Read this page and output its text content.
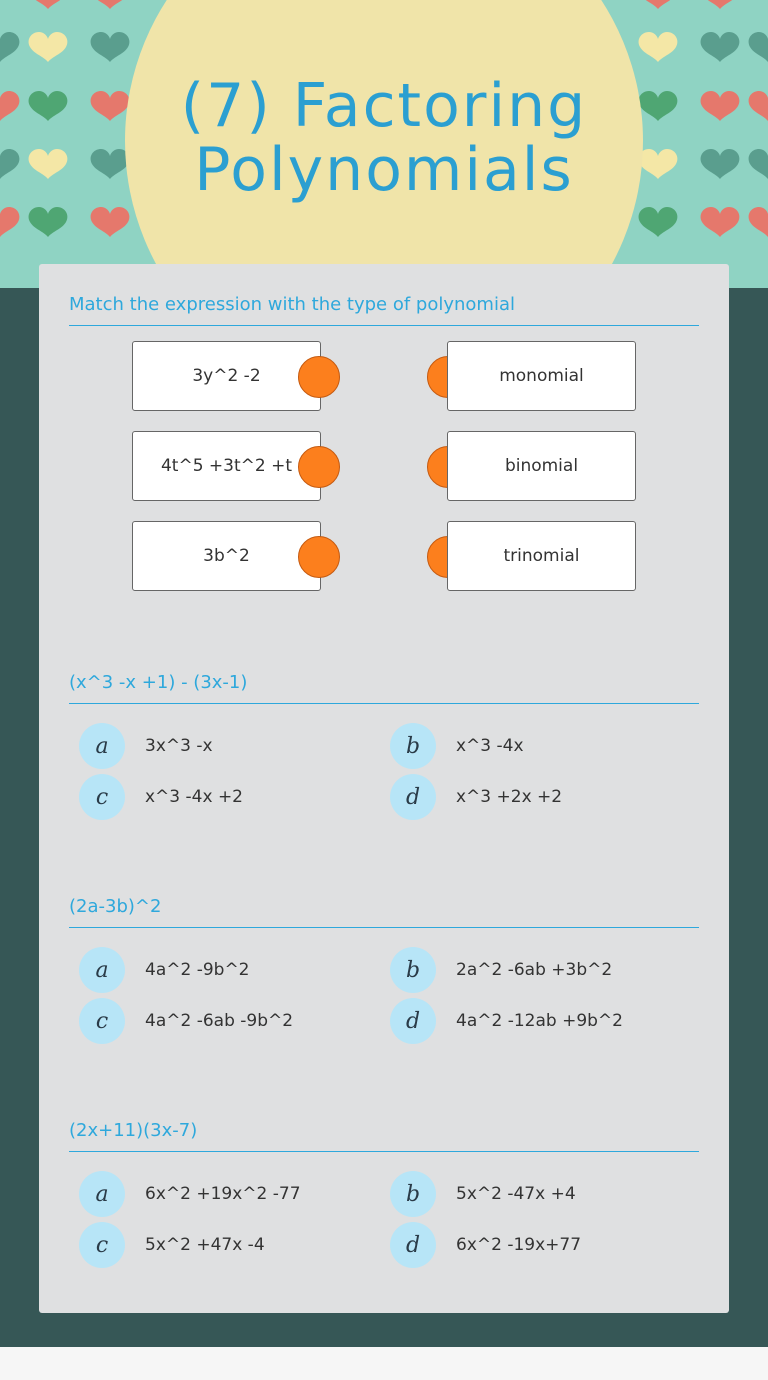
(7) Factoring Polynomials
Match the expression with the type of polynomial
3y^2 -2	monomial
4t^5 +3t^2 +t	binomial
3b^2	trinomial
(x^3 -x +1) - (3x-1)
a	3x^3 -x	b	x^3 -4x
c	x^3 -4x +2	d	x^3 +2x +2
(2a-3b)^2
a	4a^2 -9b^2	b	2a^2 -6ab +3b^2
c	4a^2 -6ab -9b^2	d	4a^2 -12ab +9b^2
(2x+11)(3x-7)
a	6x^2 +19x^2 -77	b	5x^2 -47x +4
c	5x^2 +47x -4	d	6x^2 -19x+77
